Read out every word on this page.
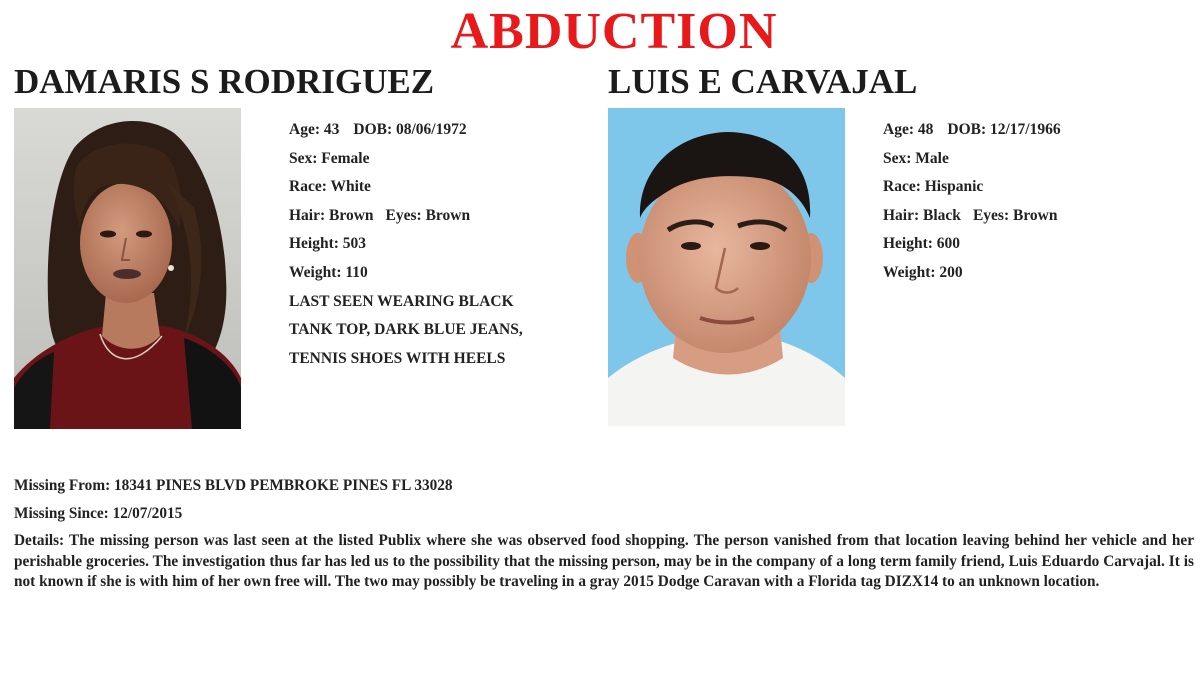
ABDUCTION
DAMARIS S RODRIGUEZ	LUIS E CARVAJAL
Age: 43 DOB: 08/06/1972
Sex: Female
Race: White
Hair: Brown Eyes: Brown
Height: 503
Weight: 110
LAST SEEN WEARING BLACK
TANK TOP, DARK BLUE JEANS,
TENNIS SHOES WITH HEELS
Age: 48 DOB: 12/17/1966
Sex: Male
Race: Hispanic
Hair: Black Eyes: Brown
Height: 600
Weight: 200
Missing From: 18341 PINES BLVD PEMBROKE PINES FL 33028
Missing Since: 12/07/2015
Details: The missing person was last seen at the listed Publix where she was observed food shopping. The person vanished from that location leaving behind her vehicle and her perishable groceries. The investigation thus far has led us to the possibility that the missing person, may be in the company of a long term family friend, Luis Eduardo Carvajal. It is not known if she is with him of her own free will. The two may possibly be traveling in a gray 2015 Dodge Caravan with a Florida tag DIZX14 to an unknown location.
